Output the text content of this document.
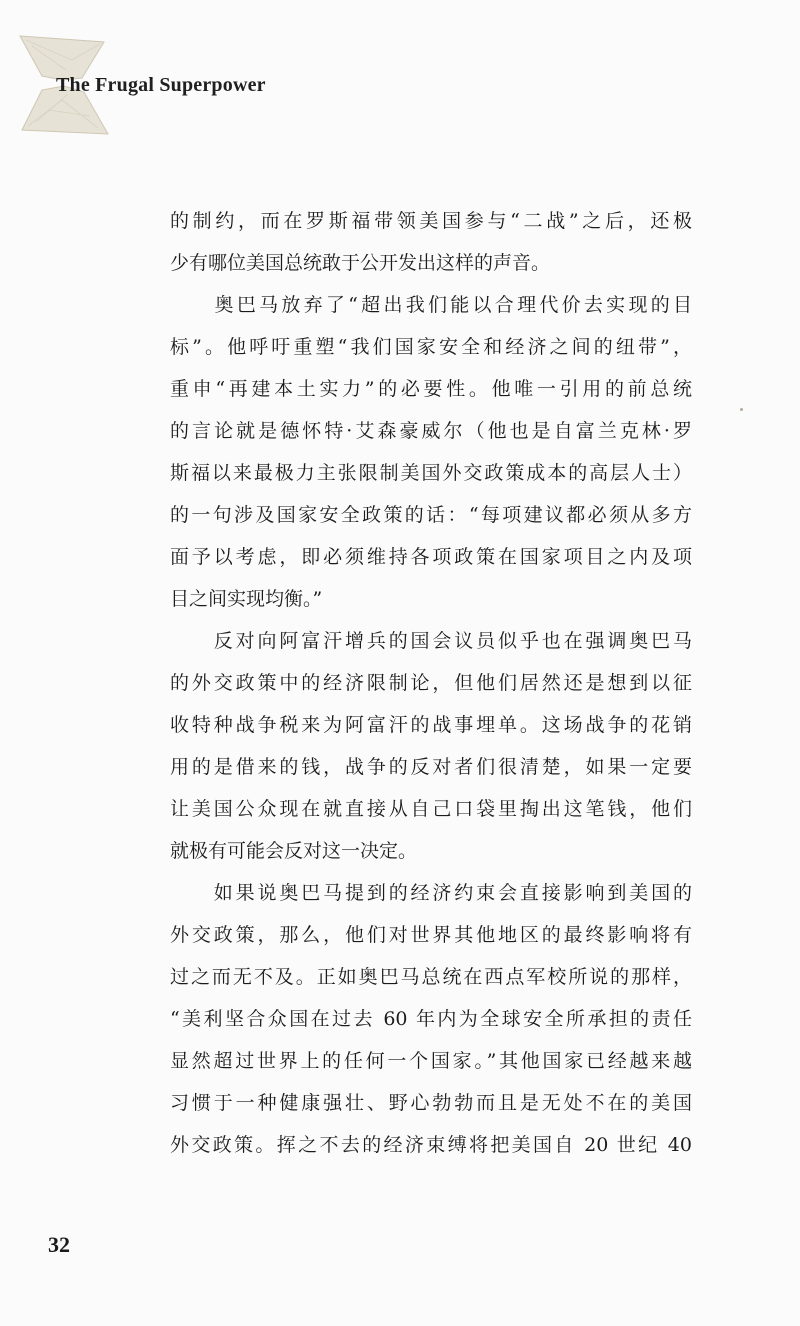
The Frugal Superpower
的制约，而在罗斯福带领美国参与“二战”之后，还极
少有哪位美国总统敢于公开发出这样的声音。
　　奥巴马放弃了“超出我们能以合理代价去实现的目
标”。他呼吁重塑“我们国家安全和经济之间的纽带”，
重申“再建本土实力”的必要性。他唯一引用的前总统
的言论就是德怀特·艾森豪威尔（他也是自富兰克林·罗
斯福以来最极力主张限制美国外交政策成本的高层人士）
的一句涉及国家安全政策的话：“每项建议都必须从多方
面予以考虑，即必须维持各项政策在国家项目之内及项
目之间实现均衡。”
　　反对向阿富汗增兵的国会议员似乎也在强调奥巴马
的外交政策中的经济限制论，但他们居然还是想到以征
收特种战争税来为阿富汗的战事埋单。这场战争的花销
用的是借来的钱，战争的反对者们很清楚，如果一定要
让美国公众现在就直接从自己口袋里掏出这笔钱，他们
就极有可能会反对这一决定。
　　如果说奥巴马提到的经济约束会直接影响到美国的
外交政策，那么，他们对世界其他地区的最终影响将有
过之而无不及。正如奥巴马总统在西点军校所说的那样，
“美利坚合众国在过去 60 年内为全球安全所承担的责任
显然超过世界上的任何一个国家。”其他国家已经越来越
习惯于一种健康强壮、野心勃勃而且是无处不在的美国
外交政策。挥之不去的经济束缚将把美国自 20 世纪 40
32
